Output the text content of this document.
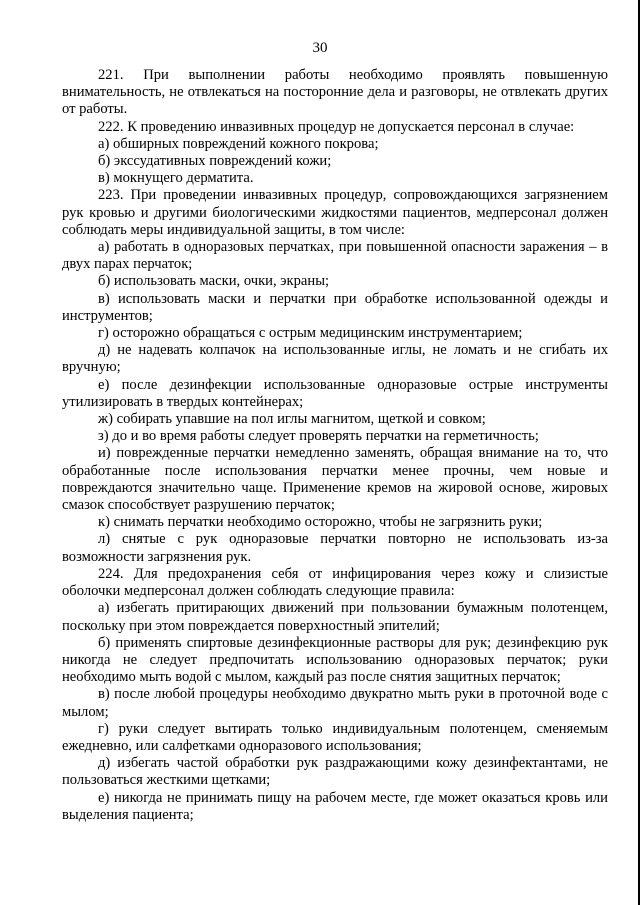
30

221. При выполнении работы необходимо проявлять повышенную внимательность, не отвлекаться на посторонние дела и разговоры, не отвлекать других от работы.

222. К проведению инвазивных процедур не допускается персонал в случае:

а) обширных повреждений кожного покрова;

б) экссудативных повреждений кожи;

в) мокнущего дерматита.

223. При проведении инвазивных процедур, сопровождающихся загрязнением рук кровью и другими биологическими жидкостями пациентов, медперсонал должен соблюдать меры индивидуальной защиты, в том числе:

а) работать в одноразовых перчатках, при повышенной опасности заражения – в двух парах перчаток;

б) использовать маски, очки, экраны;

в) использовать маски и перчатки при обработке использованной одежды и инструментов;

г) осторожно обращаться с острым медицинским инструментарием;

д) не надевать колпачок на использованные иглы, не ломать и не сгибать их вручную;

е) после дезинфекции использованные одноразовые острые инструменты утилизировать в твердых контейнерах;

ж) собирать упавшие на пол иглы магнитом, щеткой и совком;

з) до и во время работы следует проверять перчатки на герметичность;

и) поврежденные перчатки немедленно заменять, обращая внимание на то, что обработанные после использования перчатки менее прочны, чем новые и повреждаются значительно чаще. Применение кремов на жировой основе, жировых смазок способствует разрушению перчаток;

к) снимать перчатки необходимо осторожно, чтобы не загрязнить руки;

л) снятые с рук одноразовые перчатки повторно не использовать из-за возможности загрязнения рук.

224. Для предохранения себя от инфицирования через кожу и слизистые оболочки медперсонал должен соблюдать следующие правила:

а) избегать притирающих движений при пользовании бумажным полотенцем, поскольку при этом повреждается поверхностный эпителий;

б) применять спиртовые дезинфекционные растворы для рук; дезинфекцию рук никогда не следует предпочитать использованию одноразовых перчаток; руки необходимо мыть водой с мылом, каждый раз после снятия защитных перчаток;

в) после любой процедуры необходимо двукратно мыть руки в проточной воде с мылом;

г) руки следует вытирать только индивидуальным полотенцем, сменяемым ежедневно, или салфетками одноразового использования;

д) избегать частой обработки рук раздражающими кожу дезинфектантами, не пользоваться жесткими щетками;

е) никогда не принимать пищу на рабочем месте, где может оказаться кровь или выделения пациента;
